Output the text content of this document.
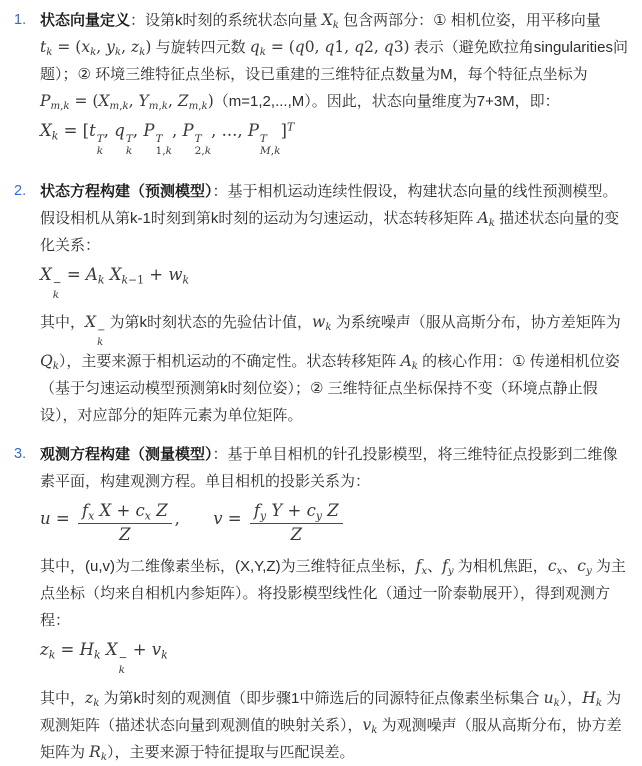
1. 状态向量定义：设第k时刻的系统状态向量 $X_k$ 包含两部分：① 相机位姿，用平移向量 $t_k = (x_k$, $y_k$, $z_k$) 与旋转四元数 $q_k = (q0$, q1, q2, q3) 表示（避免欧拉角singularities问题）；② 环境三维特征点坐标，设已重建的三维特征点数量为M，每个特征点坐标为 $P_{m,k} = (X_{m,k}$, $Y_{m,k}$, $Z_{m,k})(m=1,2,...,M)$。因此，状态向量维度为7+3M，即：

$X_k = [t$ T
k
, q T
k
, P T
1,k
, P T
2,k
, ..., P T
M,k
]$^T$
2. 状态方程构建（预测模型）：基于相机运动连续性假设，构建状态向量的线性预测模型。假设相机从第k-1时刻到第k时刻的运动为匀速运动，状态转移矩阵 $A_k$ 描述状态向量的变化关系：

X −
k
= $A_k$ $X_{k-1} + w_k$

其中，X −
k
为第k时刻状态的先验估计值，$w_k$ 为系统噪声（服从高斯分布，协方差矩阵为 $Q_k$），主要来源于相机运动的不确定性。状态转移矩阵 $A_k$ 的核心作用：① 传递相机位姿（基于匀速运动模型预测第k时刻位姿）；② 三维特征点坐标保持不变（环境点静止假设），对应部分的矩阵元素为单位矩阵。

3. 观测方程构建（测量模型）：基于单目相机的针孔投影模型，将三维特征点投影到二维像素平面，构建观测方程。单目相机的投影关系为：

$u = \frac{f_x X + c_x Z}{Z}$ , $v = \frac{f_y Y + c_y Z}{Z}$

其中，(u,v)为二维像素坐标，(X,Y,Z)为三维特征点坐标，$f_x$、$f_y$ 为相机焦距，$c_x$、$c_y$ 为主点坐标（均来自相机内参矩阵）。将投影模型线性化（通过一阶泰勒展开），得到观测方程：

$z_k = H_k$ X −
k
+ $v_k$

其中，$z_k$ 为第k时刻的观测值（即步骤1中筛选后的同源特征点像素坐标集合 $u_k$），$H_k$ 为观测矩阵（描述状态向量到观测值的映射关系），$v_k$ 为观测噪声（服从高斯分布，协方差矩阵为 $R_k$），主要来源于特征提取与匹配误差。
